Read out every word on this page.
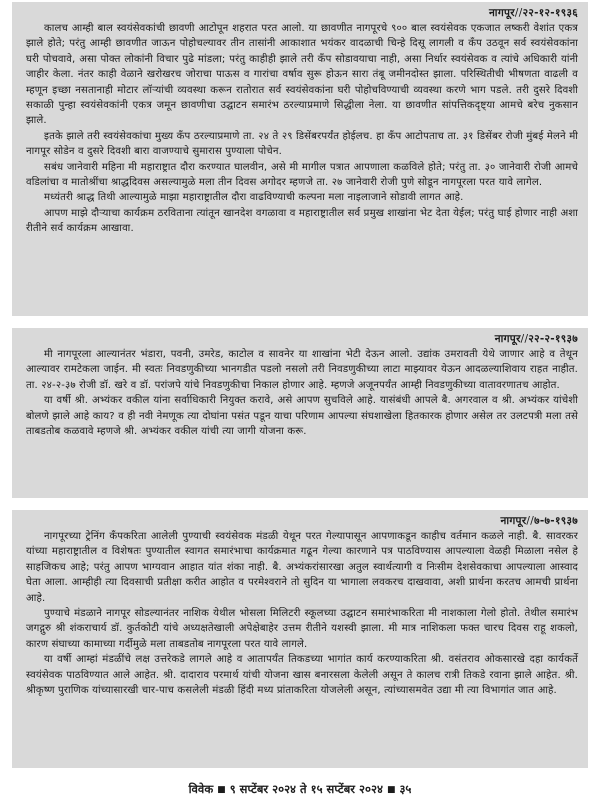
नागपूर//२२-१२-१९३६

कालच आम्ही बाल स्वयंसेवकांची छावणी आटोपून शहरात परत आलो. या छावणीत नागपूरचे ९०० बाल स्वयंसेवक एकजात लष्करी वेशांत एकत्र झाले होते; परंतु आम्ही छावणीत जाऊन पोहोचल्यावर तीन तासांनी आकाशात भयंकर वादळाची चिन्हे दिसू लागली व कँप उठवून सर्व स्वयंसेवकांना घरी पोचवावे, असा पोक्त लोकांनी विचार पुढे मांडला; परंतु काहीही झाले तरी कँप सोडावयाचा नाही, असा निर्धार स्वयंसेवक व त्यांचे अधिकारी यांनी जाहीर केला. नंतर काही वेळाने खरोखरच जोराचा पाऊस व गारांचा वर्षाव सुरू होऊन सारा तंबू जमीनदोस्त झाला. परिस्थितीची भीषणता वाढली व म्हणून इच्छा नसतानाही मोटार लॉऱ्यांची व्यवस्था करून रातोरात सर्व स्वयंसेवकांना घरी पोहोचविण्याची व्यवस्था करणे भाग पडले. तरी दुसरे दिवशी सकाळी पुन्हा स्वयंसेवकांनी एकत्र जमून छावणीचा उद्घाटन समारंभ ठरल्याप्रमाणे सिद्धीला नेला. या छावणीत सांपत्तिकदृष्ट्या आमचे बरेच नुकसान झाले.

इतके झाले तरी स्वयंसेवकांचा मुख्य कँप ठरल्याप्रमाणे ता. २४ ते २९ डिसेंबरपर्यंत होईलच. हा कँप आटोपताच ता. ३१ डिसेंबर रोजी मुंबई मेलने मी नागपूर सोडेन व दुसरे दिवशी बारा वाजण्याचे सुमारास पुण्याला पोचेन.

सबंध जानेवारी महिना मी महाराष्ट्रात दौरा करण्यात घालवीन, असे मी मागील पत्रात आपणाला कळविले होते; परंतु ता. ३० जानेवारी रोजी आमचे वडिलांचा व मातोश्रींचा श्राद्धदिवस असल्यामुळे मला तीन दिवस अगोदर म्हणजे ता. २७ जानेवारी रोजी पुणे सोडून नागपूरला परत यावे लागेल.

मध्यंतरी श्राद्ध तिथी आल्यामुळे माझा महाराष्ट्रातील दौरा वाढविण्याची कल्पना मला नाइलाजाने सोडावी लागत आहे.

आपण माझे दौऱ्याचा कार्यक्रम ठरविताना त्यांतून खानदेश वगळावा व महाराष्ट्रातील सर्व प्रमुख शाखांना भेट देता येईल; परंतु घाई होणार नाही अशा रीतीने सर्व कार्यक्रम आखावा.

नागपूर//२२-२-१९३७

मी नागपूरला आल्यानंतर भंडारा, पवनी, उमरेड, काटोल व सावनेर या शाखांना भेटी देऊन आलो. उद्यांक उमरावती येथे जाणार आहे व तेथून आल्यावर रामटेकला जाईन. मी स्वतः निवडणुकीच्या भानगडीत पडलो नसलो तरी निवडणुकीच्या लाटा माझ्यावर येऊन आदळल्याशिवाय राहत नाहीत. ता. २४-२-३७ रोजी डॉ. खरे व डॉ. परांजपे यांचे निवडणुकीचा निकाल होणार आहे. म्हणजे अजूनपर्यंत आम्ही निवडणुकीच्या वातावरणातच आहोत.

या वर्षी श्री. अभ्यंकर वकील यांना सर्वाधिकारी नियुक्त करावे, असे आपण सुचविले आहे. यासंबंधी आपले बै. अगरवाल व श्री. अभ्यंकर यांचेशी बोलणे झाले आहे काय? व ही नवी नेमणूक त्या दोघांना पसंत पडून याचा परिणाम आपल्या संघशाखेला हितकारक होणार असेल तर उलटपत्री मला तसे ताबडतोब कळवावे म्हणजे श्री. अभ्यंकर वकील यांची त्या जागी योजना करू.

नागपूर//७-७-१९३७

नागपूरच्या ट्रेनिंग कँपकरिता आलेली पुण्याची स्वयंसेवक मंडळी येथून परत गेल्यापासून आपणाकडून काहीच वर्तमान कळले नाही. बै. सावरकर यांच्या महाराष्ट्रातील व विशेषतः पुण्यातील स्वागत समारंभाचा कार्यक्रमात गढून गेल्या कारणाने पत्र पाठविण्यास आपल्याला वेळही मिळाला नसेल हे साहजिकच आहे; परंतु आपण भाग्यवान आहात यांत शंका नाही. बै. अभ्यंकरांसारखा अतुल स्वार्थत्यागी व निःसीम देशसेवकाचा आपल्याला आस्वाद घेता आला. आम्हीही त्या दिवसाची प्रतीक्षा करीत आहोत व परमेश्वराने तो सुदिन या भागाला लवकरच दाखवावा, अशी प्रार्थना करतच आमची प्रार्थना आहे.

पुण्याचे मंडळाने नागपूर सोडल्यानंतर नाशिक येथील भोसला मिलिटरी स्कूलच्या उद्घाटन समारंभाकरिता मी नाशकाला गेलो होतो. तेथील समारंभ जगद्गुरु श्री शंकराचार्य डॉ. कुर्तकोटी यांचे अध्यक्षतेखाली अपेक्षेबाहेर उत्तम रीतीने यशस्वी झाला. मी मात्र नाशिकला फक्त चारच दिवस राहू शकलो, कारण संघाच्या कामाच्या गर्दीमुळे मला ताबडतोब नागपूरला परत यावे लागले.

या वर्षी आम्हां मंडळींचे लक्ष उत्तरेकडे लागले आहे व आतापर्यंत तिकडच्या भागांत कार्य करण्याकरिता श्री. वसंतराव ओकसारखे दहा कार्यकर्ते स्वयंसेवक पाठविण्यात आले आहेत. श्री. दादाराव परमार्थ यांची योजना खास बनारसला केलेली असून ते कालच रात्री तिकडे रवाना झाले आहेत. श्री. श्रीकृष्ण पुराणिक यांच्यासारखी चार-पाच कसलेली मंडळी हिंदी मध्य प्रांताकरिता योजलेली असून, त्यांच्यासमवेत उद्या मी त्या विभागांत जात आहे.

विवेक ■ ९ सप्टेंबर २०२४ ते १५ सप्टेंबर २०२४ ■ ३५
